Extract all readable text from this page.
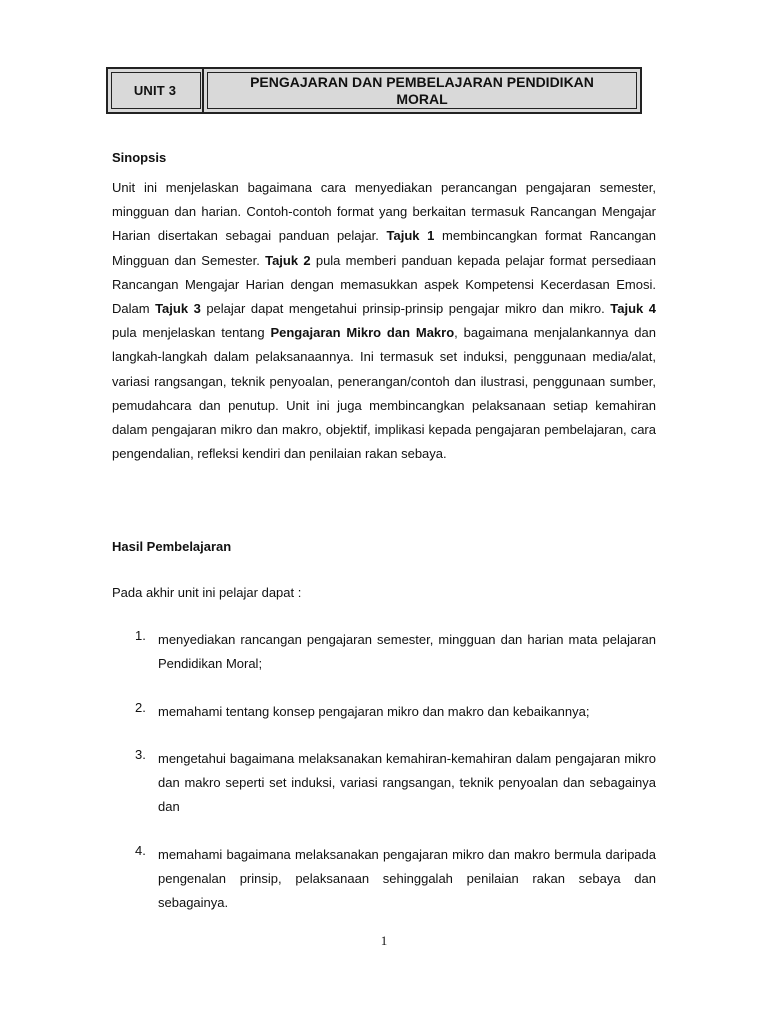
UNIT 3
PENGAJARAN DAN PEMBELAJARAN PENDIDIKAN MORAL
Sinopsis

Unit ini menjelaskan bagaimana cara menyediakan perancangan pengajaran semester, mingguan dan harian. Contoh-contoh format yang berkaitan termasuk Rancangan Mengajar Harian disertakan sebagai panduan pelajar. Tajuk 1 membincangkan format Rancangan Mingguan dan Semester. Tajuk 2 pula memberi panduan kepada pelajar format persediaan Rancangan Mengajar Harian dengan memasukkan aspek Kompetensi Kecerdasan Emosi. Dalam Tajuk 3 pelajar dapat mengetahui prinsip-prinsip pengajar mikro dan mikro. Tajuk 4 pula menjelaskan tentang Pengajaran Mikro dan Makro, bagaimana menjalankannya dan langkah-langkah dalam pelaksanaannya. Ini termasuk set induksi, penggunaan media/alat, variasi rangsangan, teknik penyoalan, penerangan/contoh dan ilustrasi, penggunaan sumber, pemudahcara dan penutup. Unit ini juga membincangkan pelaksanaan setiap kemahiran dalam pengajaran mikro dan makro, objektif, implikasi kepada pengajaran pembelajaran, cara pengendalian, refleksi kendiri dan penilaian rakan sebaya.

Hasil Pembelajaran
Pada akhir unit ini pelajar dapat :
1. menyediakan rancangan pengajaran semester, mingguan dan harian mata pelajaran Pendidikan Moral;
2. memahami tentang konsep pengajaran mikro dan makro dan kebaikannya;
3. mengetahui bagaimana melaksanakan kemahiran-kemahiran dalam pengajaran mikro dan makro seperti set induksi, variasi rangsangan, teknik penyoalan dan sebagainya dan
4. memahami bagaimana melaksanakan pengajaran mikro dan makro bermula daripada pengenalan prinsip, pelaksanaan sehinggalah penilaian rakan sebaya dan sebagainya.
1
